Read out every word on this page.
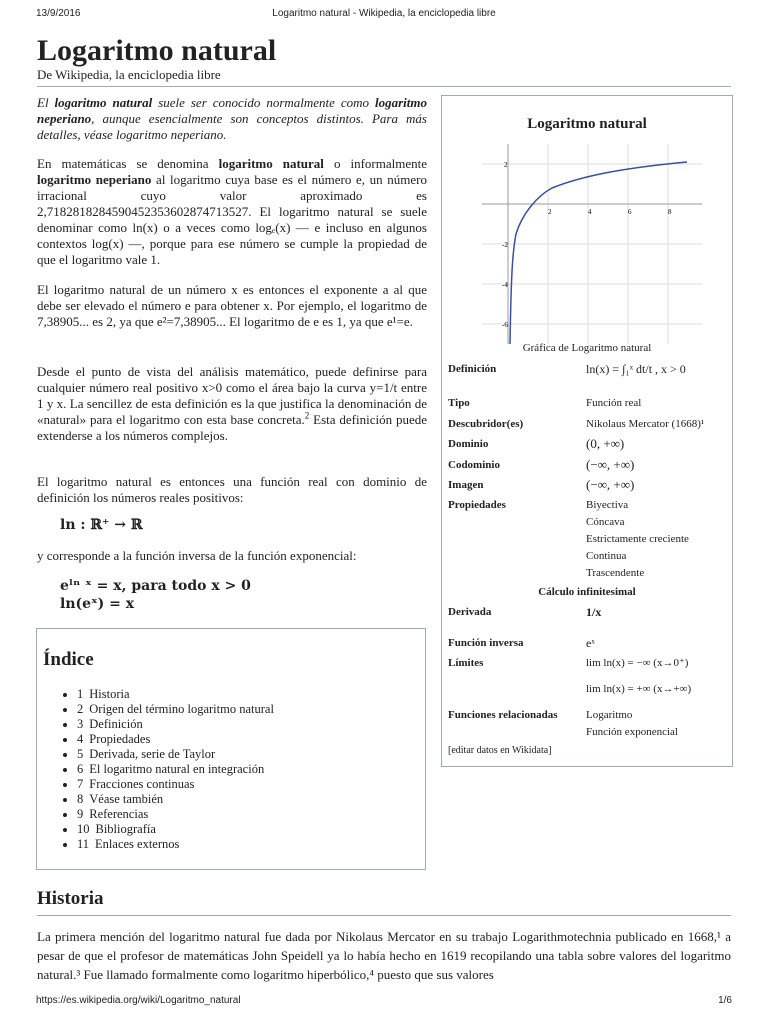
13/9/2016	Logaritmo natural - Wikipedia, la enciclopedia libre
Logaritmo natural
De Wikipedia, la enciclopedia libre

El logaritmo natural suele ser conocido normalmente como logaritmo neperiano, aunque esencialmente son conceptos distintos. Para más detalles, véase logaritmo neperiano.

En matemáticas se denomina logaritmo natural o informalmente logaritmo neperiano al logaritmo cuya base es el número e, un número irracional cuyo valor aproximado es 2,7182818284590452353602874713527. El logaritmo natural se suele denominar como ln(x) o a veces como logₑ(x) — e incluso en algunos contextos log(x) —, porque para ese número se cumple la propiedad de que el logaritmo vale 1.

El logaritmo natural de un número x es entonces el exponente a al que debe ser elevado el número e para obtener x. Por ejemplo, el logaritmo de 7,38905... es 2, ya que e²=7,38905... El logaritmo de e es 1, ya que e¹=e.

Desde el punto de vista del análisis matemático, puede definirse para cualquier número real positivo x>0 como el área bajo la curva y=1/t entre 1 y x. La sencillez de esta definición es la que justifica la denominación de «natural» para el logaritmo con esta base concreta.$^2$ Esta definición puede extenderse a los números complejos.

El logaritmo natural es entonces una función real con dominio de definición los números reales positivos:

ln : ℝ⁺ → ℝ

y corresponde a la función inversa de la función exponencial:

eˡⁿ ˣ = x, para todo x > 0
ln(eˣ) = x
Logaritmo natural
2	4	6	8
2
-2
-4
-6
Gráfica de Logaritmo natural
Definición	ln(x) = ∫₁ˣ dt/t , x > 0
Tipo	Función real
Descubridor(es)	Nikolaus Mercator (1668)¹
Dominio	(0, +∞)
Codominio	(−∞, +∞)
Imagen	(−∞, +∞)
Propiedades	Biyectiva
Cóncava
Estrictamente creciente
Continua
Trascendente
Cálculo infinitesimal
Derivada	1/x
Función inversa	eˣ
Límites	lim ln(x) = −∞ (x→0⁺)
lim ln(x) = +∞ (x→+∞)
Funciones relacionadas	Logaritmo
Función exponencial
[editar datos en Wikidata]
Índice
• 1 Historia
• 2 Origen del término logaritmo natural
• 3 Definición
• 4 Propiedades
• 5 Derivada, serie de Taylor
• 6 El logaritmo natural en integración
• 7 Fracciones continuas
• 8 Véase también
• 9 Referencias
• 10 Bibliografía
• 11 Enlaces externos
Historia
La primera mención del logaritmo natural fue dada por Nikolaus Mercator en su trabajo Logarithmotechnia publicado en 1668,¹ a pesar de que el profesor de matemáticas John Speidell ya lo había hecho en 1619 recopilando una tabla sobre valores del logaritmo natural.³ Fue llamado formalmente como logaritmo hiperbólico,⁴ puesto que sus valores
https://es.wikipedia.org/wiki/Logaritmo_natural	1/6
